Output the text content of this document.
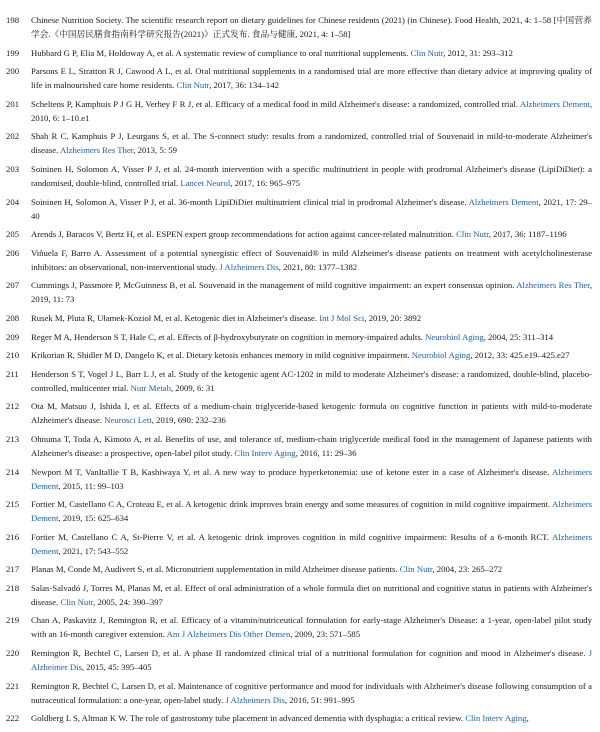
198	Chinese Nutrition Society. The scientific research report on dietary guidelines for Chinese residents (2021) (in Chinese). Food Health, 2021, 4: 1–58 [中国营养学会.《中国居民膳食指南科学研究报告(2021)》正式发布. 食品与健康, 2021, 4: 1–58]
199	Hubbard G P, Elia M, Holdoway A, et al. A systematic review of compliance to oral nutritional supplements. Clin Nutr, 2012, 31: 293–312
200	Parsons E L, Stratton R J, Cawood A L, et al. Oral nutritional supplements in a randomised trial are more effective than dietary advice at improving quality of life in malnourished care home residents. Clin Nutr, 2017, 36: 134–142
201	Scheltens P, Kamphuis P J G H, Verhey F R J, et al. Efficacy of a medical food in mild Alzheimer's disease: a randomized, controlled trial. Alzheimers Dement, 2010, 6: 1–10.e1
202	Shah R C, Kamphuis P J, Leurgans S, et al. The S-connect study: results from a randomized, controlled trial of Souvenaid in mild-to-moderate Alzheimer's disease. Alzheimers Res Ther, 2013, 5: 59
203	Soininen H, Solomon A, Visser P J, et al. 24-month intervention with a specific multinutrient in people with prodromal Alzheimer's disease (LipiDiDiet): a randomised, double-blind, controlled trial. Lancet Neurol, 2017, 16: 965–975
204	Soininen H, Solomon A, Visser P J, et al. 36-month LipiDiDiet multinutrient clinical trial in prodromal Alzheimer's disease. Alzheimers Dement, 2021, 17: 29–40
205	Arends J, Baracos V, Bertz H, et al. ESPEN expert group recommendations for action against cancer-related malnutrition. Clin Nutr, 2017, 36: 1187–1196
206	Viñuela F, Barro A. Assessment of a potential synergistic effect of Souvenaid® in mild Alzheimer's disease patients on treatment with acetylcholinesterase inhibitors: an observational, non-interventional study. J Alzheimers Dis, 2021, 80: 1377–1382
207	Cummings J, Passmore P, McGuinness B, et al. Souvenaid in the management of mild cognitive impairment: an expert consensus opinion. Alzheimers Res Ther, 2019, 11: 73
208	Rusek M, Pluta R, Ułamek-Kozioł M, et al. Ketogenic diet in Alzheimer's disease. Int J Mol Sci, 2019, 20: 3892
209	Reger M A, Henderson S T, Hale C, et al. Effects of β-hydroxybutyrate on cognition in memory-impaired adults. Neurobiol Aging, 2004, 25: 311–314
210	Krikorian R, Shidler M D, Dangelo K, et al. Dietary ketosis enhances memory in mild cognitive impairment. Neurobiol Aging, 2012, 33: 425.e19–425.e27
211	Henderson S T, Vogel J L, Barr L J, et al. Study of the ketogenic agent AC-1202 in mild to moderate Alzheimer's disease: a randomized, double-blind, placebo-controlled, multicenter trial. Nutr Metab, 2009, 6: 31
212	Ota M, Matsuo J, Ishida I, et al. Effects of a medium-chain triglyceride-based ketogenic formula on cognitive function in patients with mild-to-moderate Alzheimer's disease. Neurosci Lett, 2019, 690: 232–236
213	Ohnuma T, Toda A, Kimoto A, et al. Benefits of use, and tolerance of, medium-chain triglyceride medical food in the management of Japanese patients with Alzheimer's disease: a prospective, open-label pilot study. Clin Interv Aging, 2016, 11: 29–36
214	Newport M T, VanItallie T B, Kashiwaya Y, et al. A new way to produce hyperketonemia: use of ketone ester in a case of Alzheimer's disease. Alzheimers Dement, 2015, 11: 99–103
215	Fortier M, Castellano C A, Croteau E, et al. A ketogenic drink improves brain energy and some measures of cognition in mild cognitive impairment. Alzheimers Dement, 2019, 15: 625–634
216	Fortier M, Castellano C A, St-Pierre V, et al. A ketogenic drink improves cognition in mild cognitive impairment: Results of a 6-month RCT. Alzheimers Dement, 2021, 17: 543–552
217	Planas M, Conde M, Audivert S, et al. Micronutrient supplementation in mild Alzheimer disease patients. Clin Nutr, 2004, 23: 265–272
218	Salas-Salvadó J, Torres M, Planas M, et al. Effect of oral administration of a whole formula diet on nutritional and cognitive status in patients with Alzheimer's disease. Clin Nutr, 2005, 24: 390–397
219	Chan A, Paskavitz J, Remington R, et al. Efficacy of a vitamin/nutriceutical formulation for early-stage Alzheimer's Disease: a 1-year, open-label pilot study with an 16-month caregiver extension. Am J Alzheimers Dis Other Demen, 2009, 23: 571–585
220	Remington R, Bechtel C, Larsen D, et al. A phase II randomized clinical trial of a nutritional formulation for cognition and mood in Alzheimer's disease. J Alzheimer Dis, 2015, 45: 395–405
221	Remington R, Bechtel C, Larsen D, et al. Maintenance of cognitive performance and mood for individuals with Alzheimer's disease following consumption of a nutraceutical formulation: a one-year, open-label study. J Alzheimers Dis, 2016, 51: 991–995
222	Goldberg L S, Altman K W. The role of gastrostomy tube placement in advanced dementia with dysphagia: a critical review. Clin Interv Aging,
